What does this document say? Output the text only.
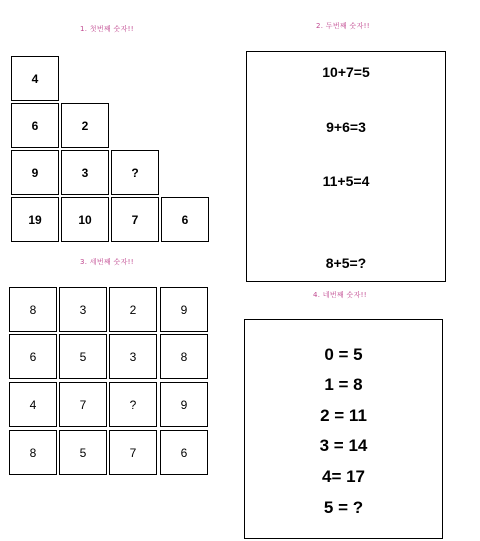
1. 첫번째 숫자!!
4
6	2
9	3	?
19	10	7	6
2. 두번째 숫자!!
10+7=5
9+6=3
11+5=4
8+5=?
3. 세번째 숫자!!
8	3	2	9
6	5	3	8
4	7	?	9
8	5	7	6
4. 네번째 숫자!!
0 = 5
1 = 8
2 = 11
3 = 14
4= 17
5 = ?
